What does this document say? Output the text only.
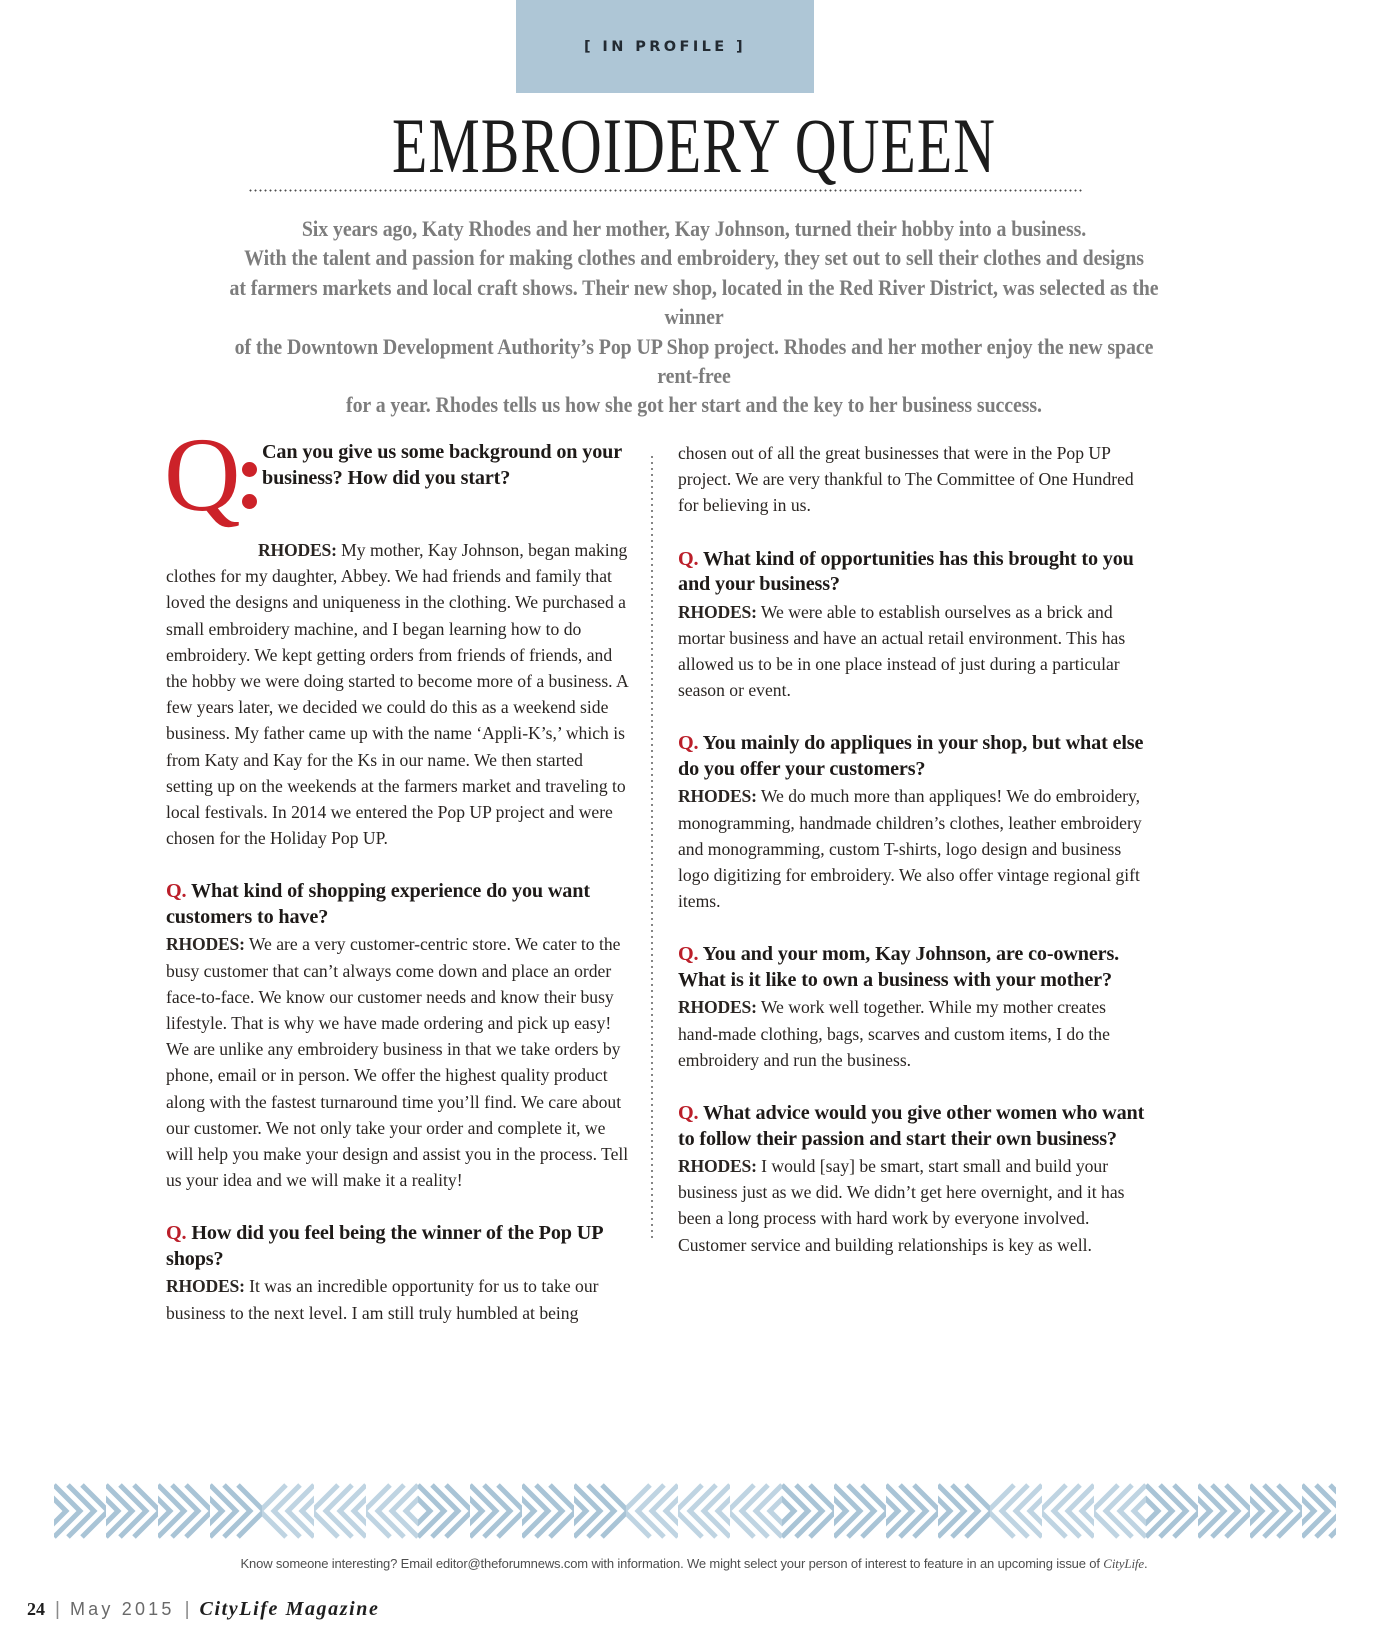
[ IN PROFILE ]
EMBROIDERY QUEEN
Six years ago, Katy Rhodes and her mother, Kay Johnson, turned their hobby into a business.
With the talent and passion for making clothes and embroidery, they set out to sell their clothes and designs
at farmers markets and local craft shows. Their new shop, located in the Red River District, was selected as the winner
of the Downtown Development Authority’s Pop UP Shop project. Rhodes and her mother enjoy the new space rent-free
for a year. Rhodes tells us how she got her start and the key to her business success.
Q Can you give us some background on your business? How did you start?

RHODES: My mother, Kay Johnson, began making clothes for my daughter, Abbey. We had friends and family that loved the designs and uniqueness in the clothing. We purchased a small embroidery machine, and I began learning how to do embroidery. We kept getting orders from friends of friends, and the hobby we were doing started to become more of a business. A few years later, we decided we could do this as a weekend side business. My father came up with the name ‘Appli-K’s,’ which is from Katy and Kay for the Ks in our name. We then started setting up on the weekends at the farmers market and traveling to local festivals. In 2014 we entered the Pop UP project and were chosen for the Holiday Pop UP.

Q. What kind of shopping experience do you want customers to have?

RHODES: We are a very customer-centric store. We cater to the busy customer that can’t always come down and place an order face-to-face. We know our customer needs and know their busy lifestyle. That is why we have made ordering and pick up easy! We are unlike any embroidery business in that we take orders by phone, email or in person. We offer the highest quality product along with the fastest turnaround time you’ll find. We care about our customer. We not only take your order and complete it, we will help you make your design and assist you in the process. Tell us your idea and we will make it a reality!

Q. How did you feel being the winner of the Pop UP shops?

RHODES: It was an incredible opportunity for us to take our business to the next level. I am still truly humbled at being

chosen out of all the great businesses that were in the Pop UP project. We are very thankful to The Committee of One Hundred for believing in us.

Q. What kind of opportunities has this brought to you and your business?

RHODES: We were able to establish ourselves as a brick and mortar business and have an actual retail environment. This has allowed us to be in one place instead of just during a particular season or event.

Q. You mainly do appliques in your shop, but what else do you offer your customers?

RHODES: We do much more than appliques! We do embroidery, monogramming, handmade children’s clothes, leather embroidery and monogramming, custom T-shirts, logo design and business logo digitizing for embroidery. We also offer vintage regional gift items.

Q. You and your mom, Kay Johnson, are co-owners. What is it like to own a business with your mother?

RHODES: We work well together. While my mother creates hand-made clothing, bags, scarves and custom items, I do the embroidery and run the business.

Q. What advice would you give other women who want to follow their passion and start their own business?

RHODES: I would [say] be smart, start small and build your business just as we did. We didn’t get here overnight, and it has been a long process with hard work by everyone involved. Customer service and building relationships is key as well.

Know someone interesting? Email editor@theforumnews.com with information. We might select your person of interest to feature in an upcoming issue of CityLife.
24 | May 2015 | CityLife Magazine
